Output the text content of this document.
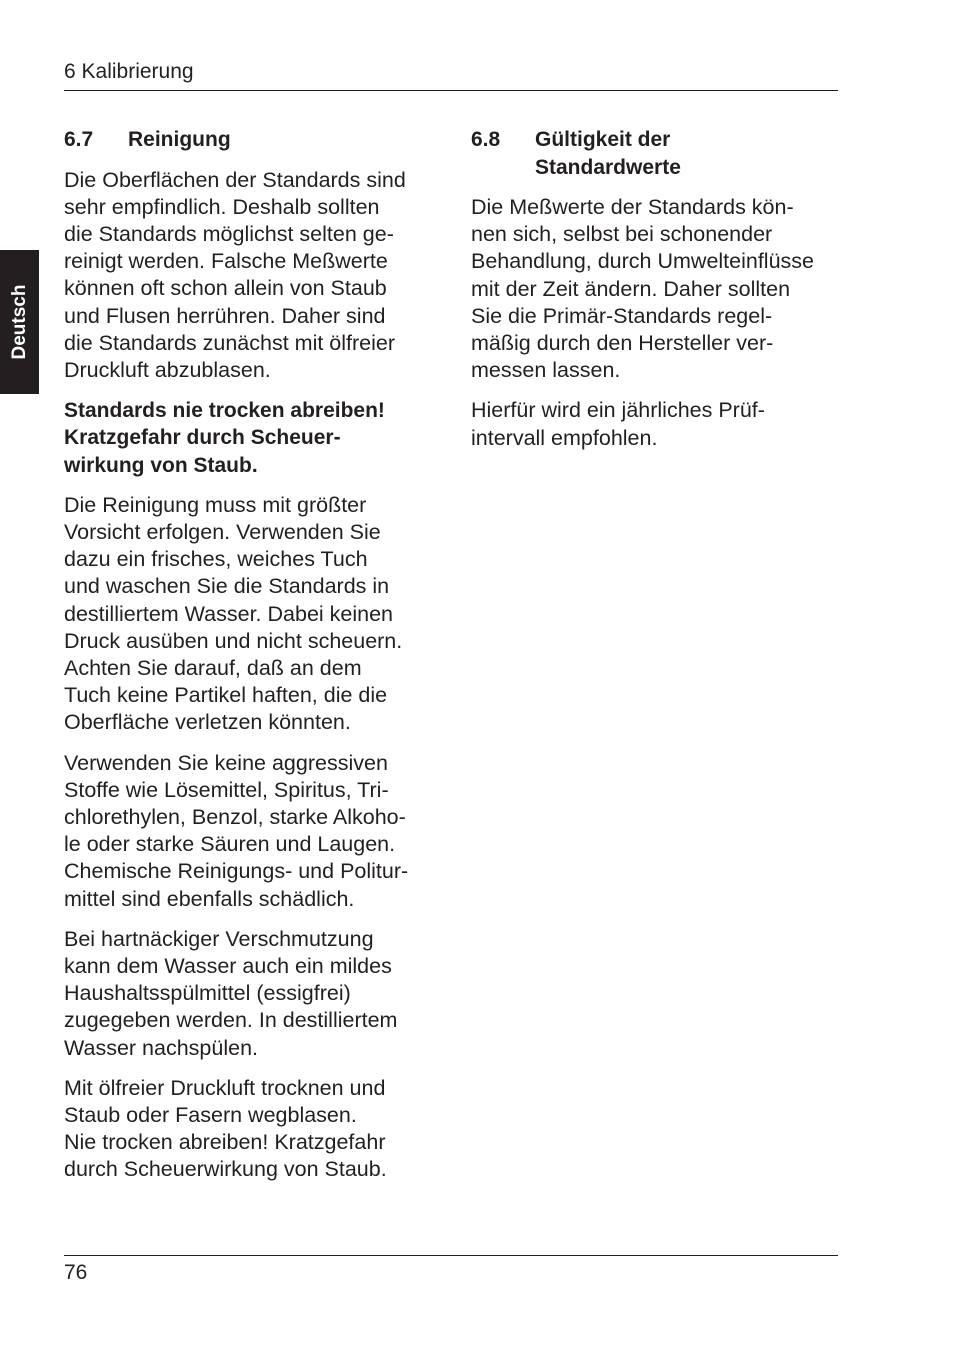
6 Kalibrierung
Deutsch
6.7	Reinigung

Die Oberflächen der Standards sind
sehr empfindlich. Deshalb sollten
die Standards möglichst selten ge-
reinigt werden. Falsche Meßwerte
können oft schon allein von Staub
und Flusen herrühren. Daher sind
die Standards zunächst mit ölfreier
Druckluft abzublasen.

Standards nie trocken abreiben!
Kratzgefahr durch Scheuer-
wirkung von Staub.

Die Reinigung muss mit größter
Vorsicht erfolgen. Verwenden Sie
dazu ein frisches, weiches Tuch
und waschen Sie die Standards in
destilliertem Wasser. Dabei keinen
Druck ausüben und nicht scheuern.
Achten Sie darauf, daß an dem
Tuch keine Partikel haften, die die
Oberfläche verletzen könnten.

Verwenden Sie keine aggressiven
Stoffe wie Lösemittel, Spiritus, Tri-
chlorethylen, Benzol, starke Alkoho-
le oder starke Säuren und Laugen.
Chemische Reinigungs- und Politur-
mittel sind ebenfalls schädlich.

Bei hartnäckiger Verschmutzung
kann dem Wasser auch ein mildes
Haushaltsspülmittel (essigfrei)
zugegeben werden. In destilliertem
Wasser nachspülen.

Mit ölfreier Druckluft trocknen und
Staub oder Fasern wegblasen.
Nie trocken abreiben! Kratzgefahr
durch Scheuerwirkung von Staub.

6.8	Gültigkeit der
Standardwerte

Die Meßwerte der Standards kön-
nen sich, selbst bei schonender
Behandlung, durch Umwelteinflüsse
mit der Zeit ändern. Daher sollten
Sie die Primär-Standards regel-
mäßig durch den Hersteller ver-
messen lassen.

Hierfür wird ein jährliches Prüf-
intervall empfohlen.

76
